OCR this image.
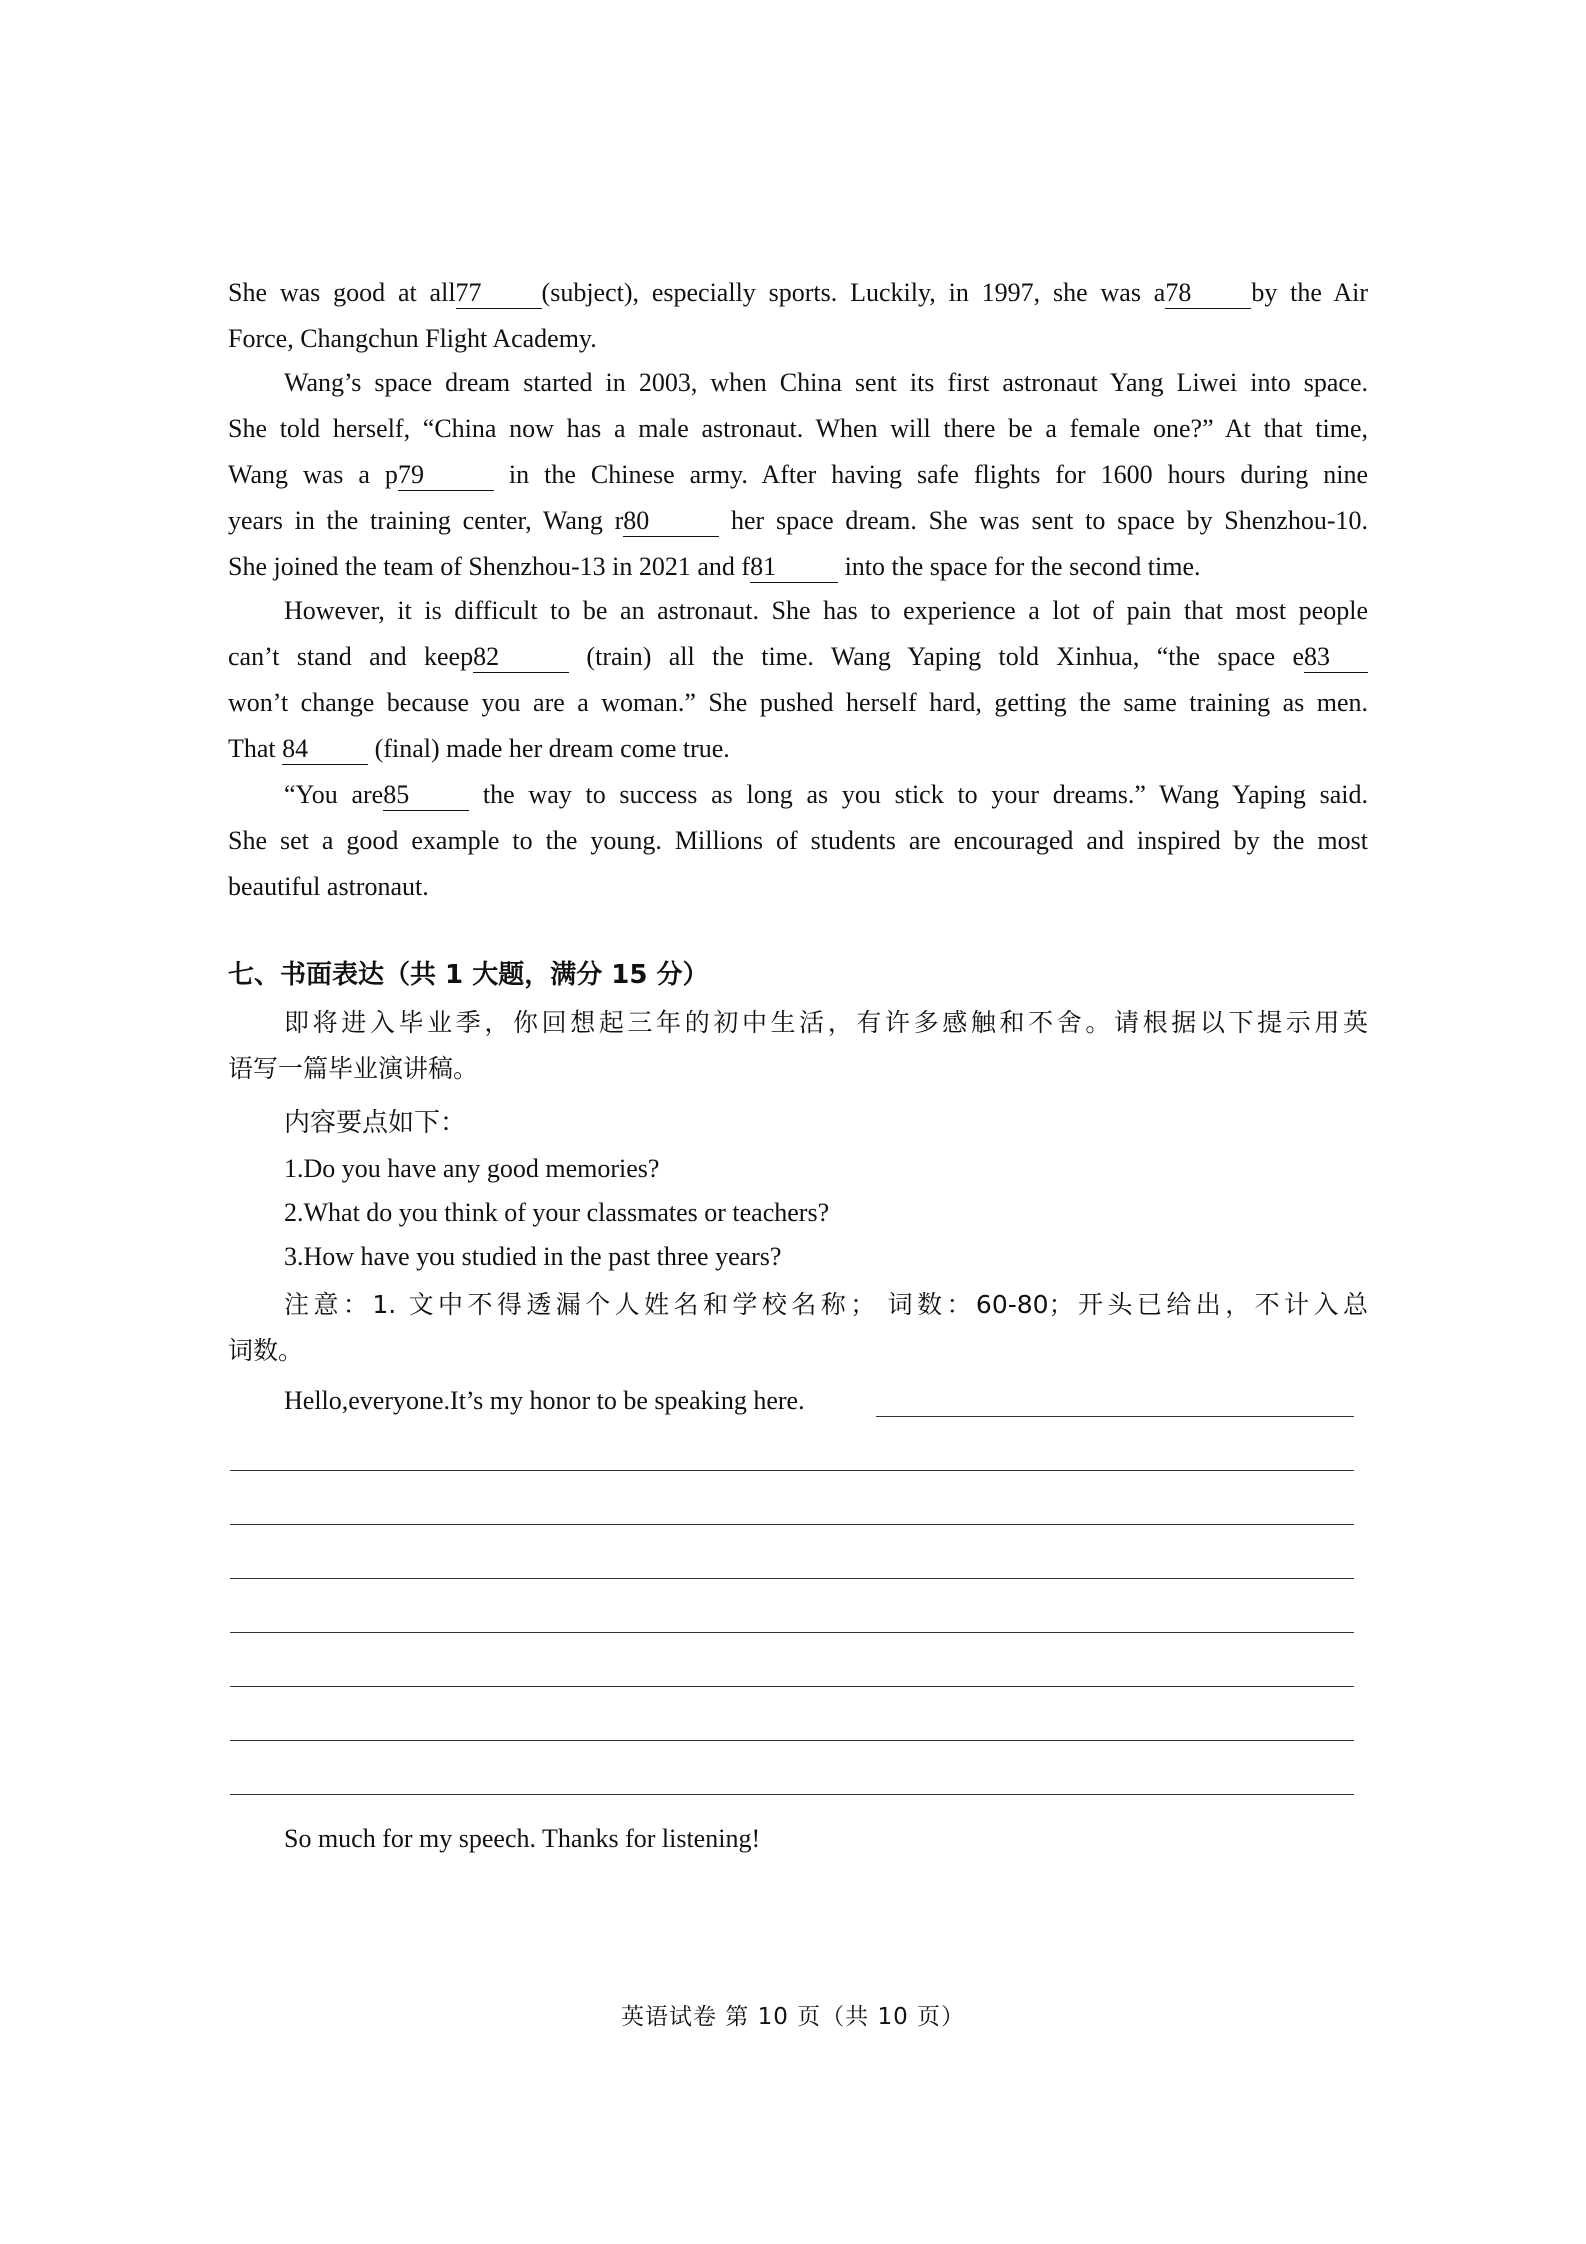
She was good at all77 (subject), especially sports. Luckily, in 1997, she was a78 by the Air
Force, Changchun Flight Academy.
Wang’s space dream started in 2003, when China sent its first astronaut Yang Liwei into space.
She told herself, “China now has a male astronaut. When will there be a female one?” At that time,
Wang was a p79	in the Chinese army. After having safe flights for 1600 hours during nine
years in the training center, Wang r80	her space dream. She was sent to space by Shenzhou-10.
She joined the team of Shenzhou-13 in 2021 and f81 into the space for the second time.
However, it is difficult to be an astronaut. She has to experience a lot of pain that most people
can’t stand and keep82	(train) all the time. Wang Yaping told Xinhua, “the space e83
won’t change because you are a woman.” She pushed herself hard, getting the same training as men.
That 84 (final) made her dream come true.
“You are85 the way to success as long as you stick to your dreams.” Wang Yaping said.
She set a good example to the young. Millions of students are encouraged and inspired by the most
beautiful astronaut.
七、书面表达（共 1 大题，满分 15 分）
即将进入毕业季，你回想起三年的初中生活，有许多感触和不舍。请根据以下提示用英
语写一篇毕业演讲稿。
内容要点如下：
1.Do you have any good memories?
2.What do you think of your classmates or teachers?
3.How have you studied in the past three years?
注意：1. 文中不得透漏个人姓名和学校名称； 词数：60-80；开头已给出，不计入总
词数。
Hello,everyone.It’s my honor to be speaking here.
So much for my speech. Thanks for listening!
英语试卷 第 10 页（共 10 页）
